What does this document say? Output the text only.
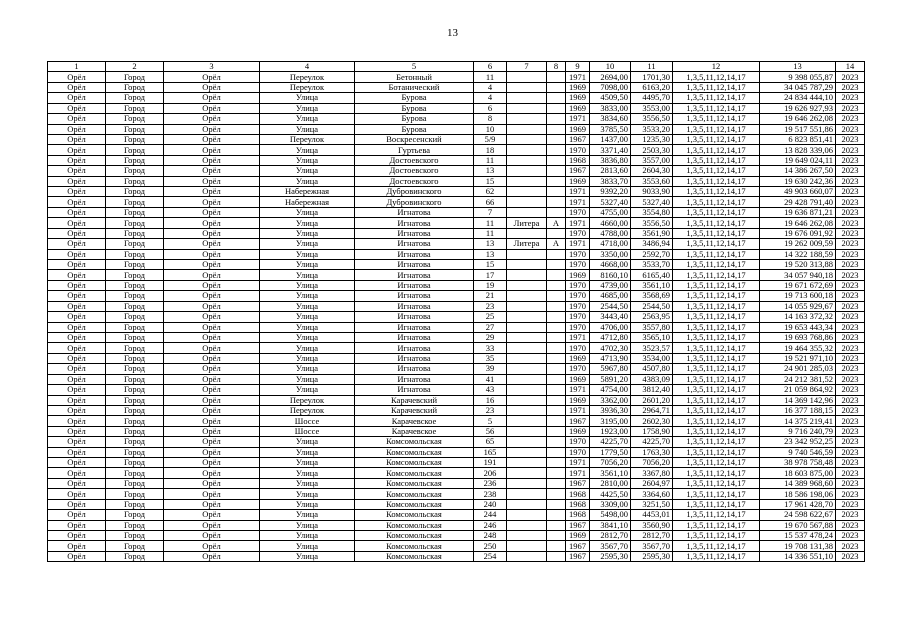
13
1	2	3	4	5	6	7	8	9	10	11	12	13	14
Орёл	Город	Орёл	Переулок	Бетонный	11			1971	2694,00	1701,30	1,3,5,11,12,14,17	9 398 055,87	2023
Орёл	Город	Орёл	Переулок	Ботанический	4			1969	7098,00	6163,20	1,3,5,11,12,14,17	34 045 787,29	2023
Орёл	Город	Орёл	Улица	Бурова	4			1969	4509,50	4495,70	1,3,5,11,12,14,17	24 834 444,10	2023
Орёл	Город	Орёл	Улица	Бурова	6			1969	3833,00	3553,00	1,3,5,11,12,14,17	19 626 927,93	2023
Орёл	Город	Орёл	Улица	Бурова	8			1971	3834,60	3556,50	1,3,5,11,12,14,17	19 646 262,08	2023
Орёл	Город	Орёл	Улица	Бурова	10			1969	3785,50	3533,20	1,3,5,11,12,14,17	19 517 551,86	2023
Орёл	Город	Орёл	Переулок	Воскресенский	5/9			1967	1437,00	1235,30	1,3,5,11,12,14,17	6 823 851,41	2023
Орёл	Город	Орёл	Улица	Гуртьева	18			1970	3371,40	2503,30	1,3,5,11,12,14,17	13 828 339,06	2023
Орёл	Город	Орёл	Улица	Достоевского	11			1968	3836,80	3557,00	1,3,5,11,12,14,17	19 649 024,11	2023
Орёл	Город	Орёл	Улица	Достоевского	13			1967	2813,60	2604,30	1,3,5,11,12,14,17	14 386 267,50	2023
Орёл	Город	Орёл	Улица	Достоевского	15			1969	3833,70	3553,60	1,3,5,11,12,14,17	19 630 242,36	2023
Орёл	Город	Орёл	Набережная	Дубровинского	62			1971	9392,20	9033,90	1,3,5,11,12,14,17	49 903 660,07	2023
Орёл	Город	Орёл	Набережная	Дубровинского	66			1971	5327,40	5327,40	1,3,5,11,12,14,17	29 428 791,40	2023
Орёл	Город	Орёл	Улица	Игнатова	7			1970	4755,00	3554,80	1,3,5,11,12,14,17	19 636 871,21	2023
Орёл	Город	Орёл	Улица	Игнатова	11	Литера	А	1971	4660,00	3556,50	1,3,5,11,12,14,17	19 646 262,08	2023
Орёл	Город	Орёл	Улица	Игнатова	11			1970	4788,00	3561,90	1,3,5,11,12,14,17	19 676 091,92	2023
Орёл	Город	Орёл	Улица	Игнатова	13	Литера	А	1971	4718,00	3486,94	1,3,5,11,12,14,17	19 262 009,59	2023
Орёл	Город	Орёл	Улица	Игнатова	13			1970	3350,00	2592,70	1,3,5,11,12,14,17	14 322 188,59	2023
Орёл	Город	Орёл	Улица	Игнатова	15			1970	4668,00	3533,70	1,3,5,11,12,14,17	19 520 313,88	2023
Орёл	Город	Орёл	Улица	Игнатова	17			1969	8160,10	6165,40	1,3,5,11,12,14,17	34 057 940,18	2023
Орёл	Город	Орёл	Улица	Игнатова	19			1970	4739,00	3561,10	1,3,5,11,12,14,17	19 671 672,69	2023
Орёл	Город	Орёл	Улица	Игнатова	21			1970	4685,00	3568,69	1,3,5,11,12,14,17	19 713 600,18	2023
Орёл	Город	Орёл	Улица	Игнатова	23			1970	2544,50	2544,50	1,3,5,11,12,14,17	14 055 929,67	2023
Орёл	Город	Орёл	Улица	Игнатова	25			1970	3443,40	2563,95	1,3,5,11,12,14,17	14 163 372,32	2023
Орёл	Город	Орёл	Улица	Игнатова	27			1970	4706,00	3557,80	1,3,5,11,12,14,17	19 653 443,34	2023
Орёл	Город	Орёл	Улица	Игнатова	29			1971	4712,80	3565,10	1,3,5,11,12,14,17	19 693 768,86	2023
Орёл	Город	Орёл	Улица	Игнатова	33			1970	4702,30	3523,57	1,3,5,11,12,14,17	19 464 355,32	2023
Орёл	Город	Орёл	Улица	Игнатова	35			1969	4713,90	3534,00	1,3,5,11,12,14,17	19 521 971,10	2023
Орёл	Город	Орёл	Улица	Игнатова	39			1970	5967,80	4507,80	1,3,5,11,12,14,17	24 901 285,03	2023
Орёл	Город	Орёл	Улица	Игнатова	41			1969	5891,20	4383,09	1,3,5,11,12,14,17	24 212 381,52	2023
Орёл	Город	Орёл	Улица	Игнатова	43			1971	4754,00	3812,40	1,3,5,11,12,14,17	21 059 864,92	2023
Орёл	Город	Орёл	Переулок	Карачевский	16			1969	3362,00	2601,20	1,3,5,11,12,14,17	14 369 142,96	2023
Орёл	Город	Орёл	Переулок	Карачевский	23			1971	3936,30	2964,71	1,3,5,11,12,14,17	16 377 188,15	2023
Орёл	Город	Орёл	Шоссе	Карачевское	5			1967	3195,00	2602,30	1,3,5,11,12,14,17	14 375 219,41	2023
Орёл	Город	Орёл	Шоссе	Карачевское	56			1969	1923,00	1758,90	1,3,5,11,12,14,17	9 716 240,79	2023
Орёл	Город	Орёл	Улица	Комсомольская	65			1970	4225,70	4225,70	1,3,5,11,12,14,17	23 342 952,25	2023
Орёл	Город	Орёл	Улица	Комсомольская	165			1970	1779,50	1763,30	1,3,5,11,12,14,17	9 740 546,59	2023
Орёл	Город	Орёл	Улица	Комсомольская	191			1971	7056,20	7056,20	1,3,5,11,12,14,17	38 978 758,48	2023
Орёл	Город	Орёл	Улица	Комсомольская	206			1971	3561,10	3367,80	1,3,5,11,12,14,17	18 603 875,00	2023
Орёл	Город	Орёл	Улица	Комсомольская	236			1967	2810,00	2604,97	1,3,5,11,12,14,17	14 389 968,60	2023
Орёл	Город	Орёл	Улица	Комсомольская	238			1968	4425,50	3364,60	1,3,5,11,12,14,17	18 586 198,06	2023
Орёл	Город	Орёл	Улица	Комсомольская	240			1968	3309,00	3251,50	1,3,5,11,12,14,17	17 961 428,70	2023
Орёл	Город	Орёл	Улица	Комсомольская	244			1968	5498,00	4453,01	1,3,5,11,12,14,17	24 598 622,67	2023
Орёл	Город	Орёл	Улица	Комсомольская	246			1967	3841,10	3560,90	1,3,5,11,12,14,17	19 670 567,88	2023
Орёл	Город	Орёл	Улица	Комсомольская	248			1969	2812,70	2812,70	1,3,5,11,12,14,17	15 537 478,24	2023
Орёл	Город	Орёл	Улица	Комсомольская	250			1967	3567,70	3567,70	1,3,5,11,12,14,17	19 708 131,38	2023
Орёл	Город	Орёл	Улица	Комсомольская	254			1967	2595,30	2595,30	1,3,5,11,12,14,17	14 336 551,10	2023
